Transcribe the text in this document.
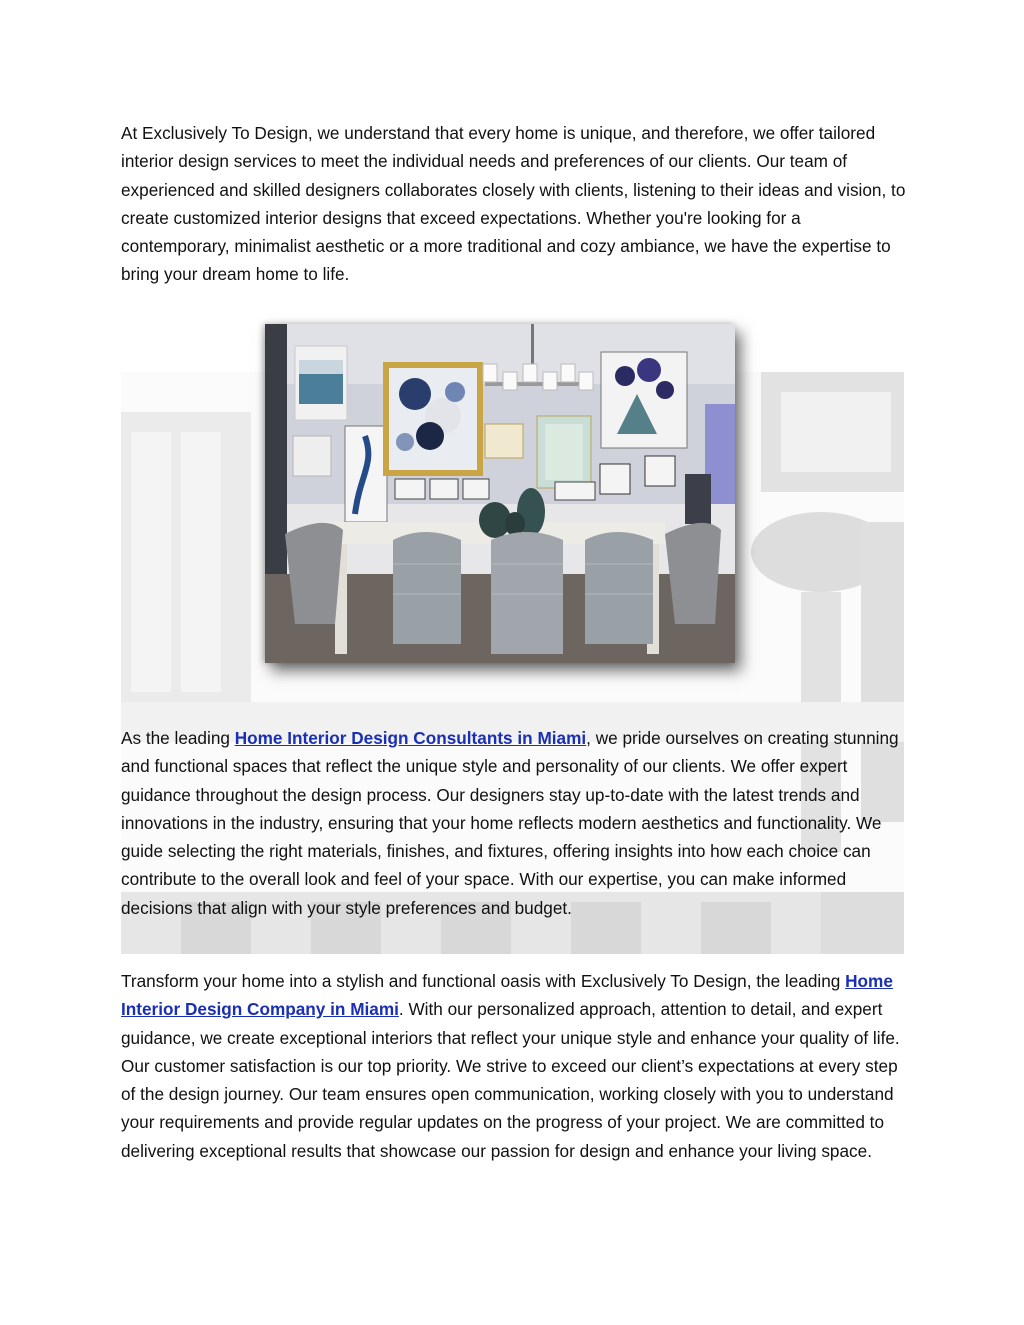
At Exclusively To Design, we understand that every home is unique, and therefore, we offer tailored interior design services to meet the individual needs and preferences of our clients. Our team of experienced and skilled designers collaborates closely with clients, listening to their ideas and vision, to create customized interior designs that exceed expectations. Whether you're looking for a contemporary, minimalist aesthetic or a more traditional and cozy ambiance, we have the expertise to bring your dream home to life.

As the leading Home Interior Design Consultants in Miami, we pride ourselves on creating stunning and functional spaces that reflect the unique style and personality of our clients. We offer expert guidance throughout the design process. Our designers stay up-to-date with the latest trends and innovations in the industry, ensuring that your home reflects modern aesthetics and functionality. We guide selecting the right materials, finishes, and fixtures, offering insights into how each choice can contribute to the overall look and feel of your space. With our expertise, you can make informed decisions that align with your style preferences and budget.

Transform your home into a stylish and functional oasis with Exclusively To Design, the leading Home Interior Design Company in Miami. With our personalized approach, attention to detail, and expert guidance, we create exceptional interiors that reflect your unique style and enhance your quality of life. Our customer satisfaction is our top priority. We strive to exceed our client’s expectations at every step of the design journey. Our team ensures open communication, working closely with you to understand your requirements and provide regular updates on the progress of your project. We are committed to delivering exceptional results that showcase our passion for design and enhance your living space.
